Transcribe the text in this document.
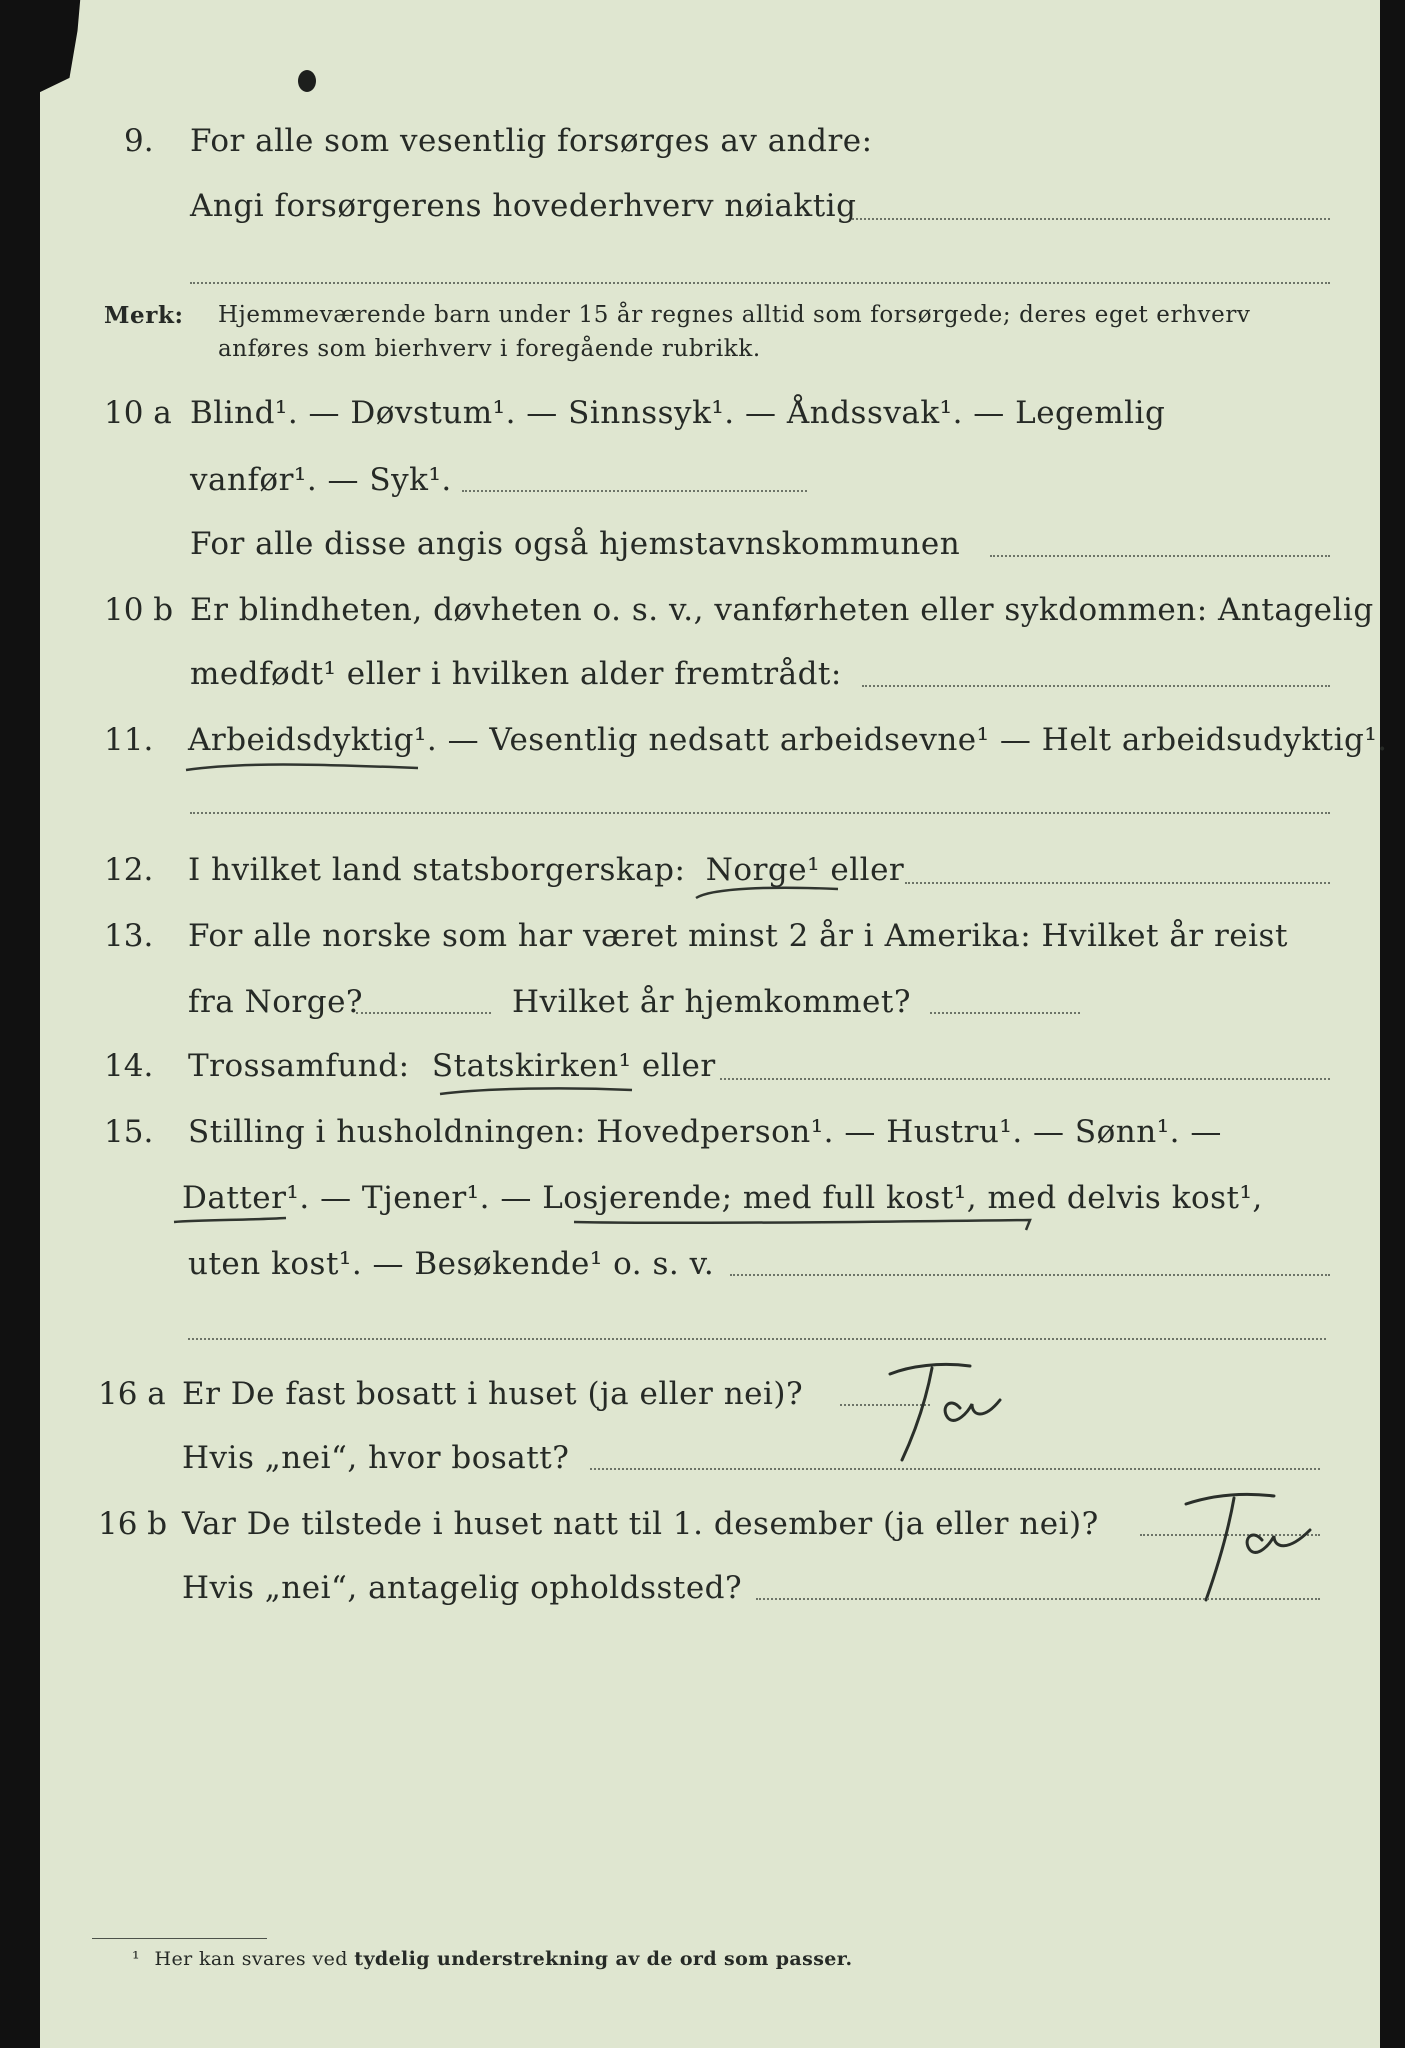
9. For alle som vesentlig forsørges av andre:
Angi forsørgerens hovederhverv nøiaktig
Merk: Hjemmeværende barn under 15 år regnes alltid som forsørgede; deres eget erhverv
anføres som bierhverv i foregående rubrikk.
10 a Blind¹. — Døvstum¹. — Sinnssyk¹. — Åndssvak¹. — Legemlig
vanfør¹. — Syk¹.
For alle disse angis også hjemstavnskommunen
10 b Er blindheten, døvheten o. s. v., vanførheten eller sykdommen: Antagelig
medfødt¹ eller i hvilken alder fremtrådt:
11. Arbeidsdyktig¹. — Vesentlig nedsatt arbeidsevne¹ — Helt arbeidsudyktig¹.
12. I hvilket land statsborgerskap: Norge¹ eller
13. For alle norske som har været minst 2 år i Amerika: Hvilket år reist
fra Norge?	Hvilket år hjemkommet?
14. Trossamfund: Statskirken¹ eller
15. Stilling i husholdningen: Hovedperson¹. — Hustru¹. — Sønn¹. —
Datter¹. — Tjener¹. — Losjerende; med full kost¹, med delvis kost¹,
uten kost¹. — Besøkende¹ o. s. v.
16 a Er De fast bosatt i huset (ja eller nei)?
Hvis „nei“, hvor bosatt?
16 b Var De tilstede i huset natt til 1. desember (ja eller nei)?
Hvis „nei“, antagelig opholdssted?
¹ Her kan svares ved tydelig understrekning av de ord som passer.
